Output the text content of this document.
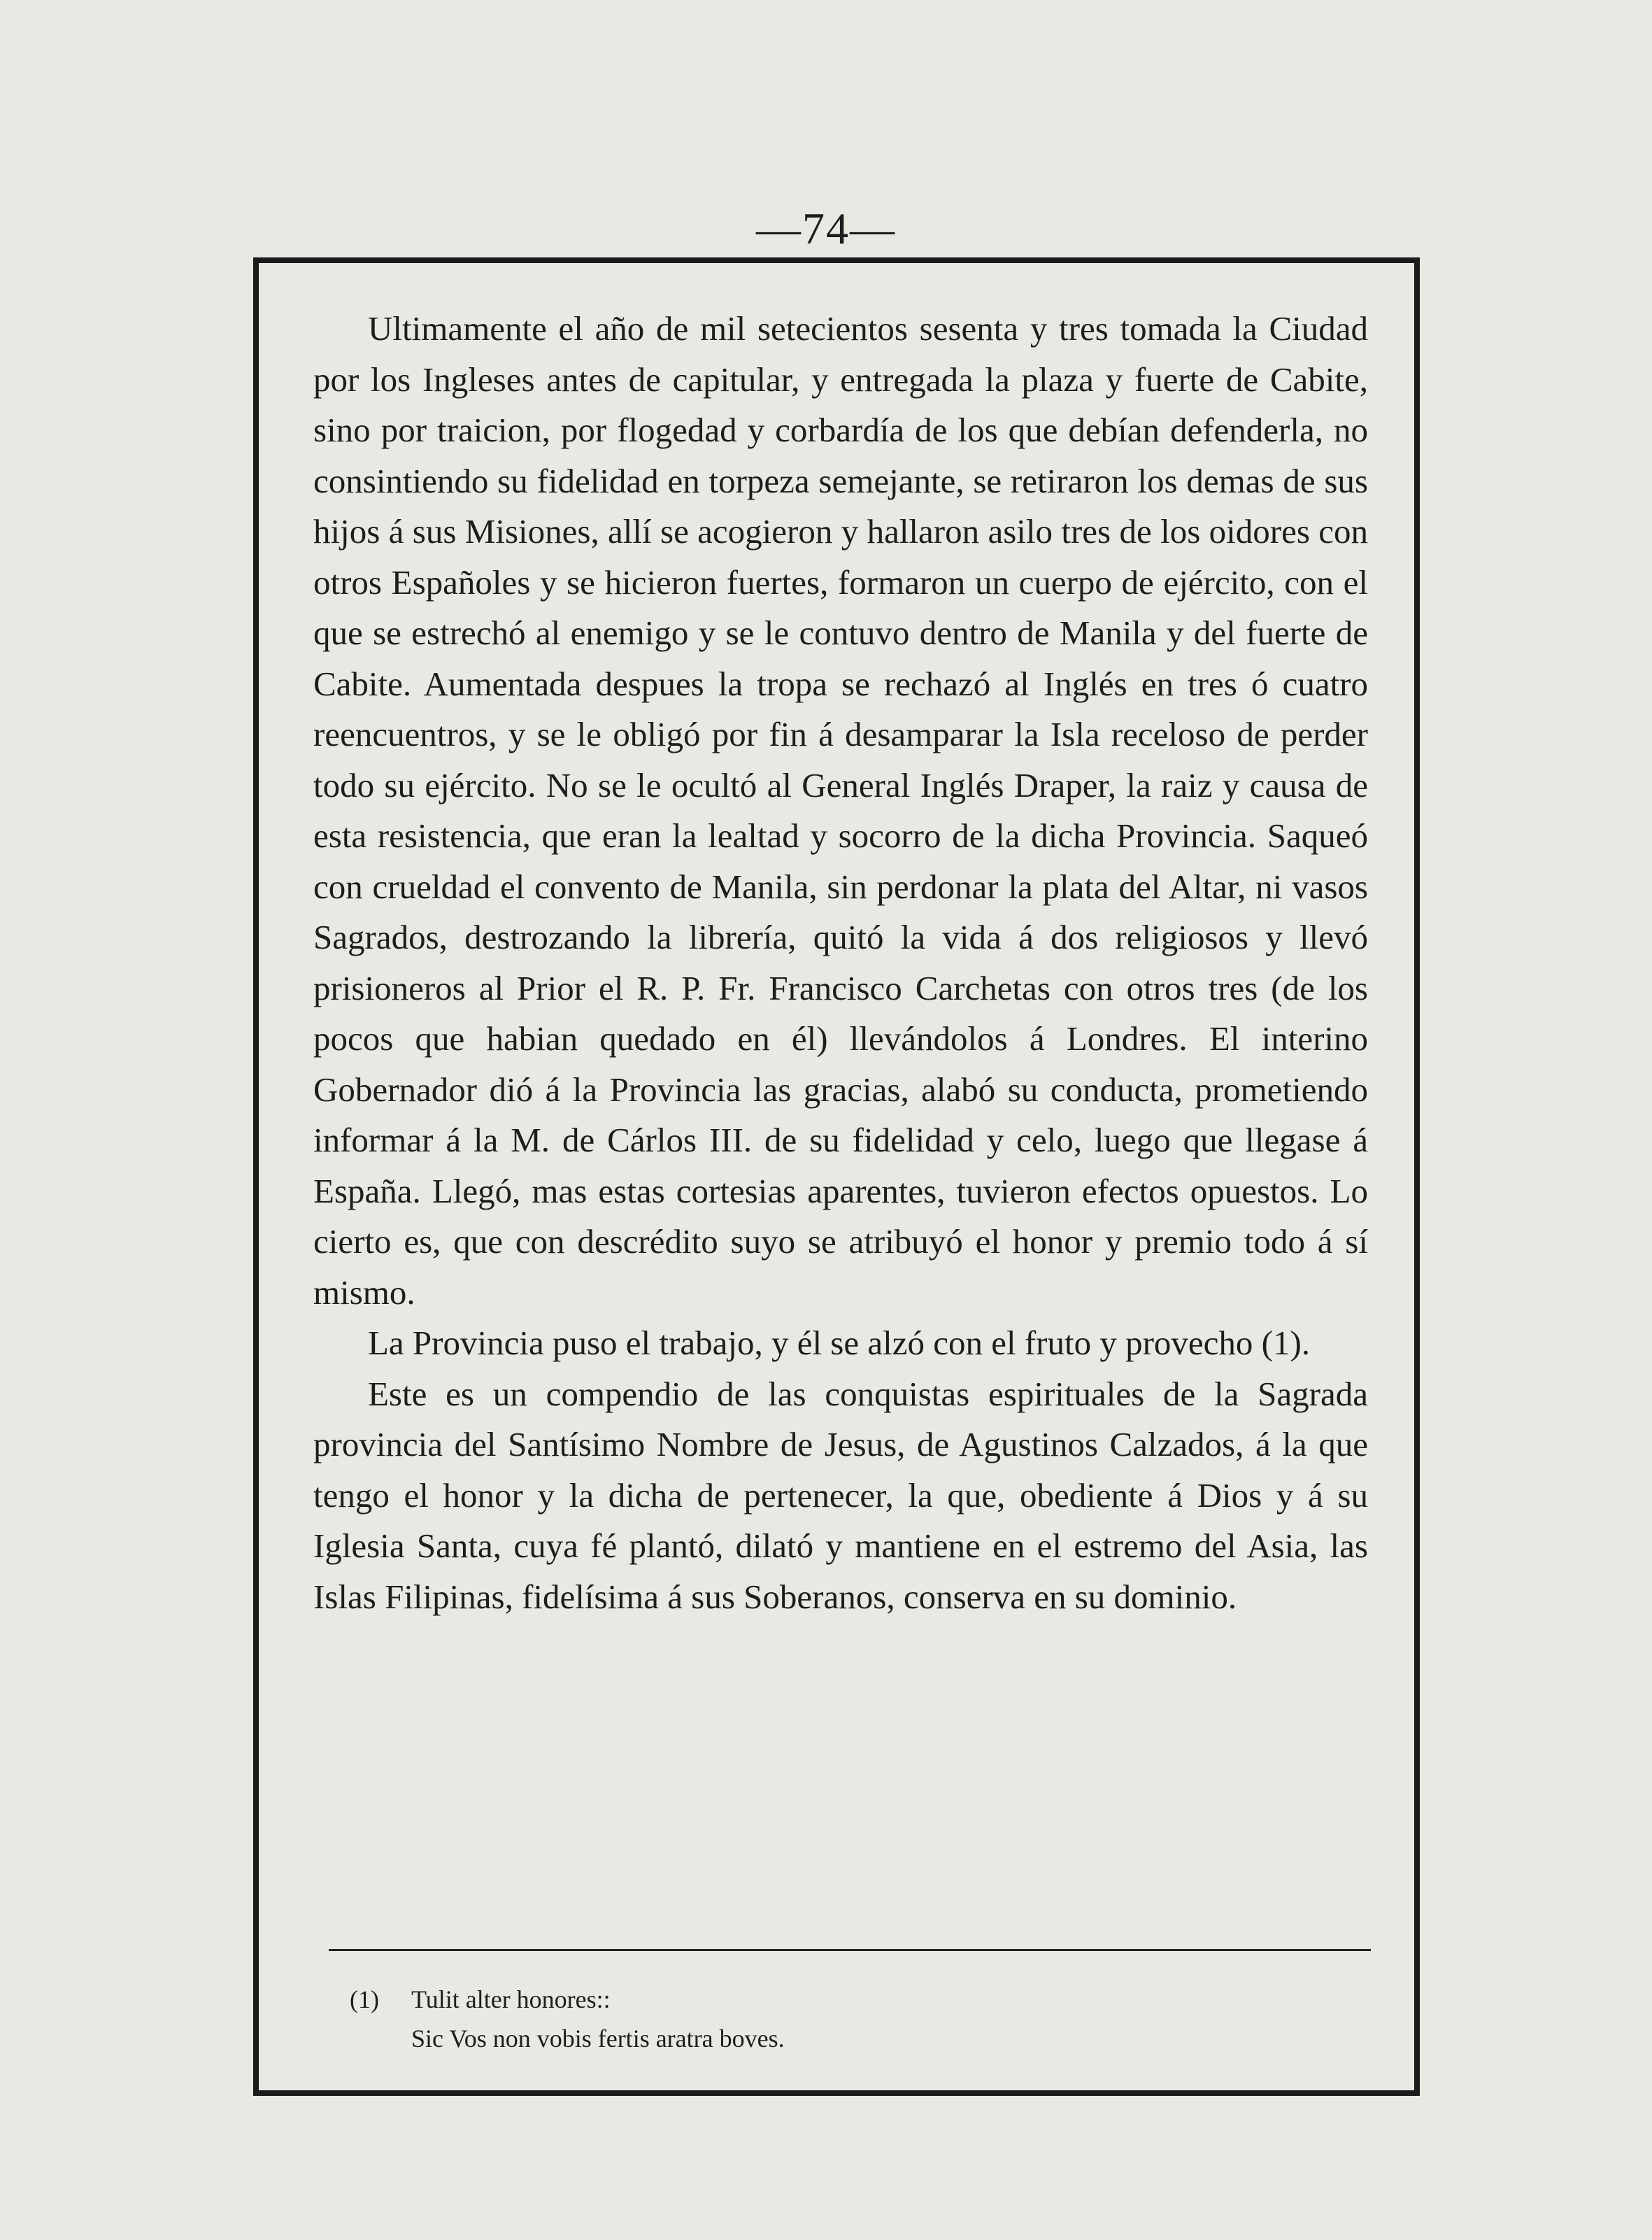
—74—

Ultimamente el año de mil setecientos sesenta y tres tomada la Ciudad por los Ingleses antes de capitular, y entregada la plaza y fuerte de Cabite, sino por traicion, por flogedad y corbardía de los que debían defenderla, no consintiendo su fidelidad en torpeza semejante, se retiraron los demas de sus hijos á sus Misiones, allí se acogieron y hallaron asilo tres de los oidores con otros Españoles y se hicieron fuertes, formaron un cuerpo de ejército, con el que se estrechó al enemigo y se le contuvo dentro de Manila y del fuerte de Cabite. Aumentada despues la tropa se rechazó al Inglés en tres ó cuatro reencuentros, y se le obligó por fin á desamparar la Isla receloso de perder todo su ejército. No se le ocultó al General Inglés Draper, la raiz y causa de esta resistencia, que eran la lealtad y socorro de la dicha Provincia. Saqueó con crueldad el convento de Manila, sin perdonar la plata del Altar, ni vasos Sagrados, destrozando la librería, quitó la vida á dos religiosos y llevó prisioneros al Prior el R. P. Fr. Francisco Carchetas con otros tres (de los pocos que habian quedado en él) llevándolos á Londres. El interino Gobernador dió á la Provincia las gracias, alabó su conducta, prometiendo informar á la M. de Cárlos III. de su fidelidad y celo, luego que llegase á España. Llegó, mas estas cortesias aparentes, tuvieron efectos opuestos. Lo cierto es, que con descrédito suyo se atribuyó el honor y premio todo á sí mismo.

La Provincia puso el trabajo, y él se alzó con el fruto y provecho (1).

Este es un compendio de las conquistas espirituales de la Sagrada provincia del Santísimo Nombre de Jesus, de Agustinos Calzados, á la que tengo el honor y la dicha de pertenecer, la que, obediente á Dios y á su Iglesia Santa, cuya fé plantó, dilató y mantiene en el estremo del Asia, las Islas Filipinas, fidelísima á sus Soberanos, conserva en su dominio.

(1) Tulit alter honores::
Sic Vos non vobis fertis aratra boves.
